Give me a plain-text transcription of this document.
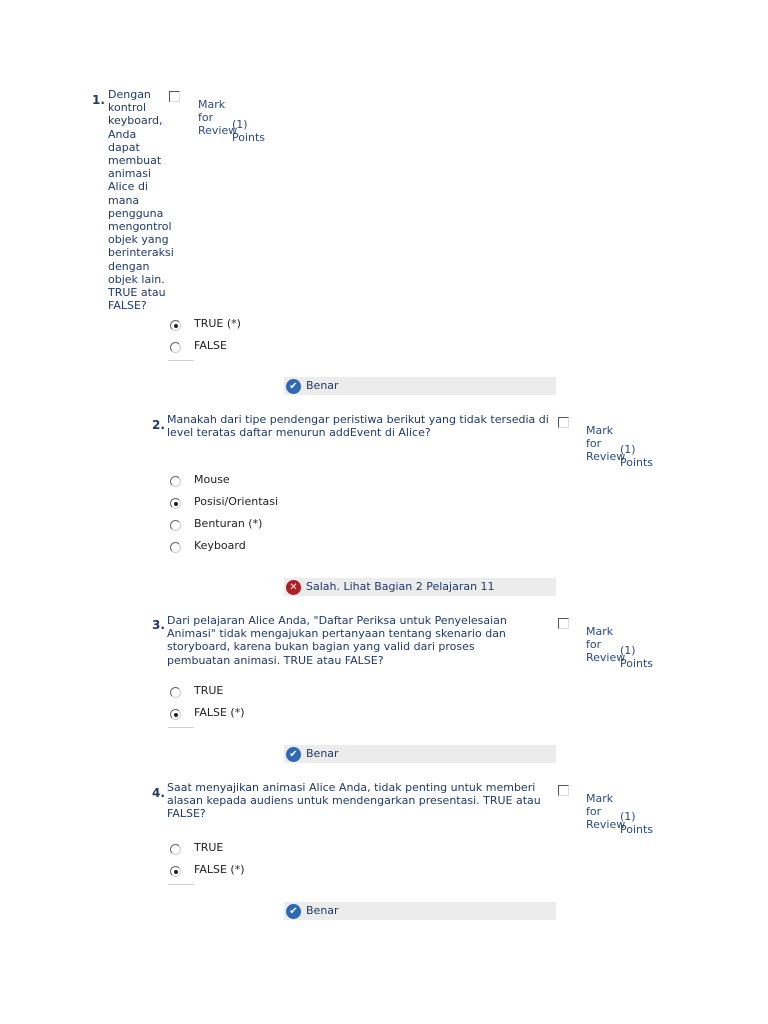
1. Dengan kontrol keyboard, Anda dapat membuat animasi Alice di mana pengguna mengontrol objek yang berinteraksi dengan objek lain. TRUE atau FALSE?
Mark for Review
(1) Points
TRUE (*)
FALSE
✔ Benar
2. Manakah dari tipe pendengar peristiwa berikut yang tidak tersedia di level teratas daftar menurun addEvent di Alice?	Mark for Review
(1) Points
Mouse
Posisi/Orientasi
Benturan (*)
Keyboard
✕ Salah. Lihat Bagian 2 Pelajaran 11
3. Dari pelajaran Alice Anda, "Daftar Periksa untuk Penyelesaian Animasi" tidak mengajukan pertanyaan tentang skenario dan storyboard, karena bukan bagian yang valid dari proses pembuatan animasi. TRUE atau FALSE?
Mark for Review
(1) Points
TRUE
FALSE (*)
✔ Benar
4. Saat menyajikan animasi Alice Anda, tidak penting untuk memberi alasan kepada audiens untuk mendengarkan presentasi. TRUE atau FALSE?
Mark for Review
(1) Points
TRUE
FALSE (*)
✔ Benar
